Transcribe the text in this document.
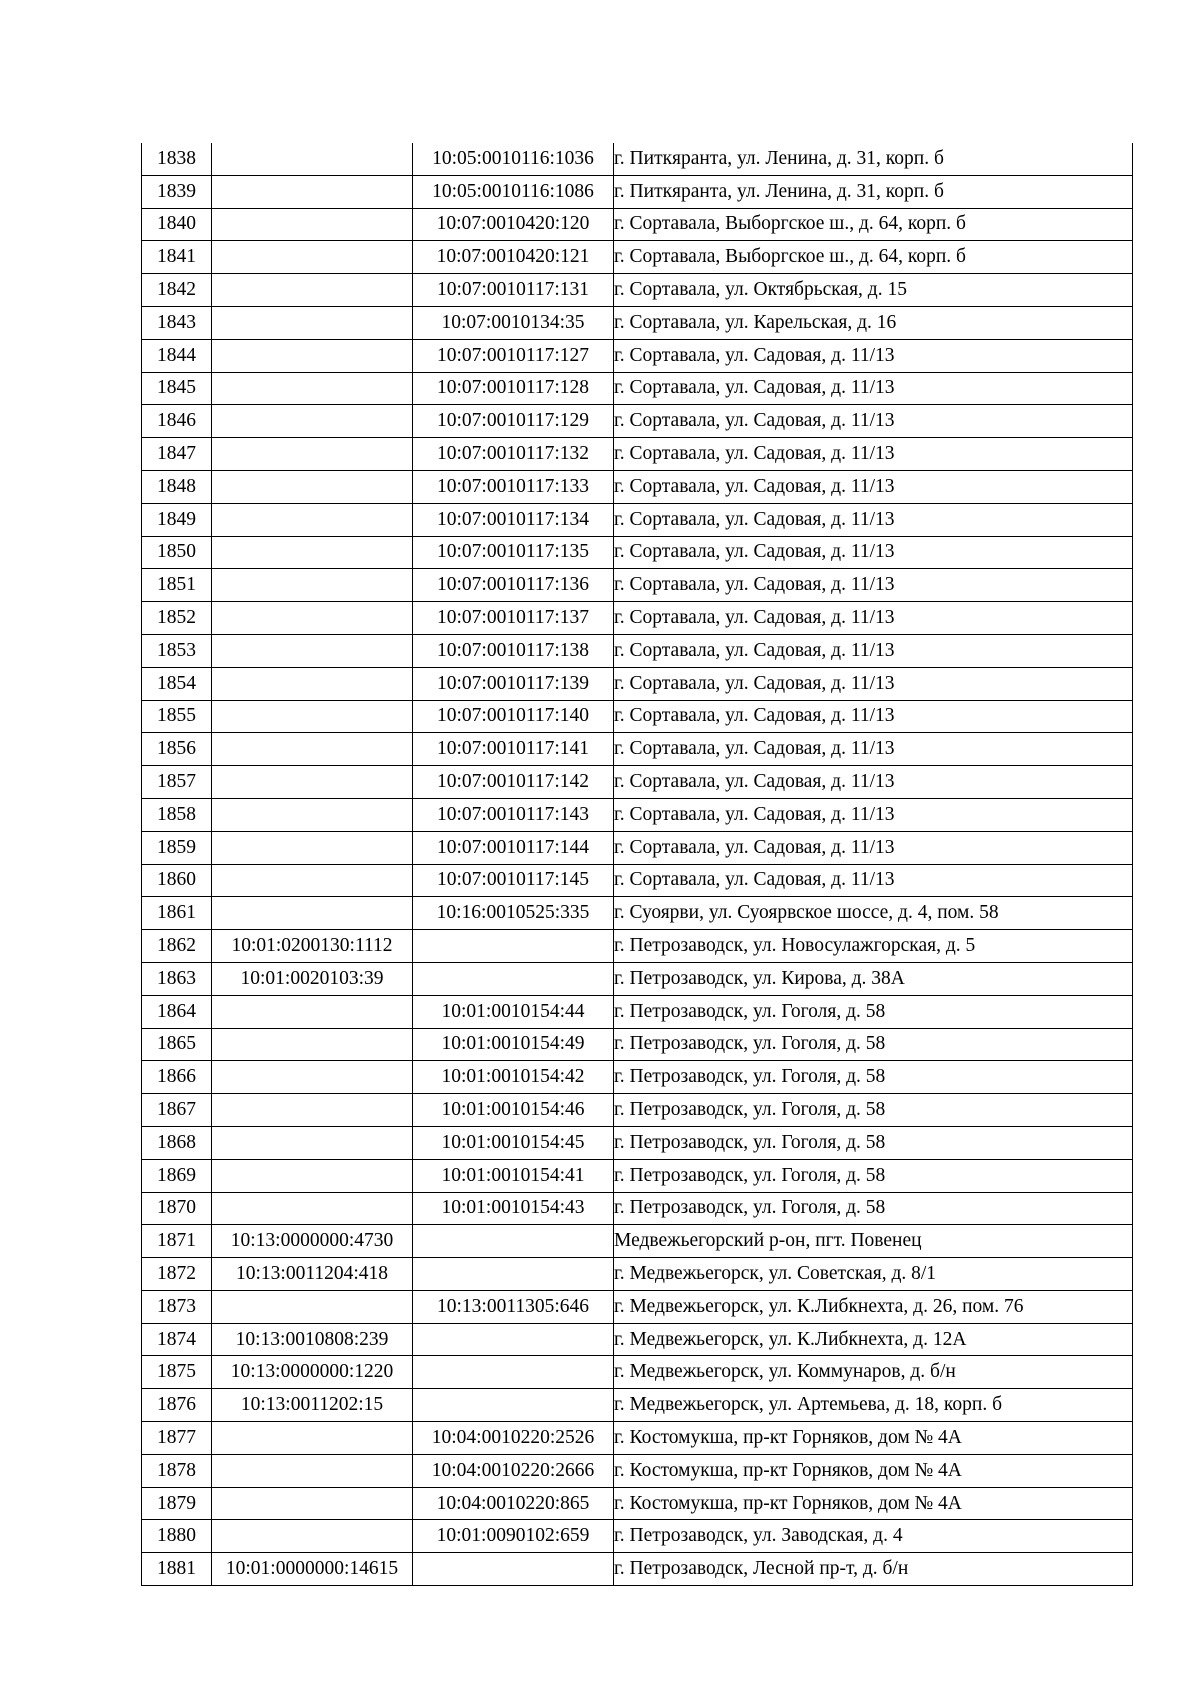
1838		10:05:0010116:1036	г. Питкяранта, ул. Ленина, д. 31, корп. б
1839		10:05:0010116:1086	г. Питкяранта, ул. Ленина, д. 31, корп. б
1840		10:07:0010420:120	г. Сортавала, Выборгское ш., д. 64, корп. б
1841		10:07:0010420:121	г. Сортавала, Выборгское ш., д. 64, корп. б
1842		10:07:0010117:131	г. Сортавала, ул. Октябрьская, д. 15
1843		10:07:0010134:35	г. Сортавала, ул. Карельская, д. 16
1844		10:07:0010117:127	г. Сортавала, ул. Садовая, д. 11/13
1845		10:07:0010117:128	г. Сортавала, ул. Садовая, д. 11/13
1846		10:07:0010117:129	г. Сортавала, ул. Садовая, д. 11/13
1847		10:07:0010117:132	г. Сортавала, ул. Садовая, д. 11/13
1848		10:07:0010117:133	г. Сортавала, ул. Садовая, д. 11/13
1849		10:07:0010117:134	г. Сортавала, ул. Садовая, д. 11/13
1850		10:07:0010117:135	г. Сортавала, ул. Садовая, д. 11/13
1851		10:07:0010117:136	г. Сортавала, ул. Садовая, д. 11/13
1852		10:07:0010117:137	г. Сортавала, ул. Садовая, д. 11/13
1853		10:07:0010117:138	г. Сортавала, ул. Садовая, д. 11/13
1854		10:07:0010117:139	г. Сортавала, ул. Садовая, д. 11/13
1855		10:07:0010117:140	г. Сортавала, ул. Садовая, д. 11/13
1856		10:07:0010117:141	г. Сортавала, ул. Садовая, д. 11/13
1857		10:07:0010117:142	г. Сортавала, ул. Садовая, д. 11/13
1858		10:07:0010117:143	г. Сортавала, ул. Садовая, д. 11/13
1859		10:07:0010117:144	г. Сортавала, ул. Садовая, д. 11/13
1860		10:07:0010117:145	г. Сортавала, ул. Садовая, д. 11/13
1861		10:16:0010525:335	г. Суоярви, ул. Суоярвское шоссе, д. 4, пом. 58
1862	10:01:0200130:1112		г. Петрозаводск, ул. Новосулажгорская, д. 5
1863	10:01:0020103:39		г. Петрозаводск, ул. Кирова, д. 38А
1864		10:01:0010154:44	г. Петрозаводск, ул. Гоголя, д. 58
1865		10:01:0010154:49	г. Петрозаводск, ул. Гоголя, д. 58
1866		10:01:0010154:42	г. Петрозаводск, ул. Гоголя, д. 58
1867		10:01:0010154:46	г. Петрозаводск, ул. Гоголя, д. 58
1868		10:01:0010154:45	г. Петрозаводск, ул. Гоголя, д. 58
1869		10:01:0010154:41	г. Петрозаводск, ул. Гоголя, д. 58
1870		10:01:0010154:43	г. Петрозаводск, ул. Гоголя, д. 58
1871	10:13:0000000:4730		Медвежьегорский р-он, пгт. Повенец
1872	10:13:0011204:418		г. Медвежьегорск, ул. Советская, д. 8/1
1873		10:13:0011305:646	г. Медвежьегорск, ул. К.Либкнехта, д. 26, пом. 76
1874	10:13:0010808:239		г. Медвежьегорск, ул. К.Либкнехта, д. 12А
1875	10:13:0000000:1220		г. Медвежьегорск, ул. Коммунаров, д. б/н
1876	10:13:0011202:15		г. Медвежьегорск, ул. Артемьева, д. 18, корп. б
1877		10:04:0010220:2526	г. Костомукша, пр-кт Горняков, дом № 4А
1878		10:04:0010220:2666	г. Костомукша, пр-кт Горняков, дом № 4А
1879		10:04:0010220:865	г. Костомукша, пр-кт Горняков, дом № 4А
1880		10:01:0090102:659	г. Петрозаводск, ул. Заводская, д. 4
1881	10:01:0000000:14615		г. Петрозаводск, Лесной пр-т, д. б/н
